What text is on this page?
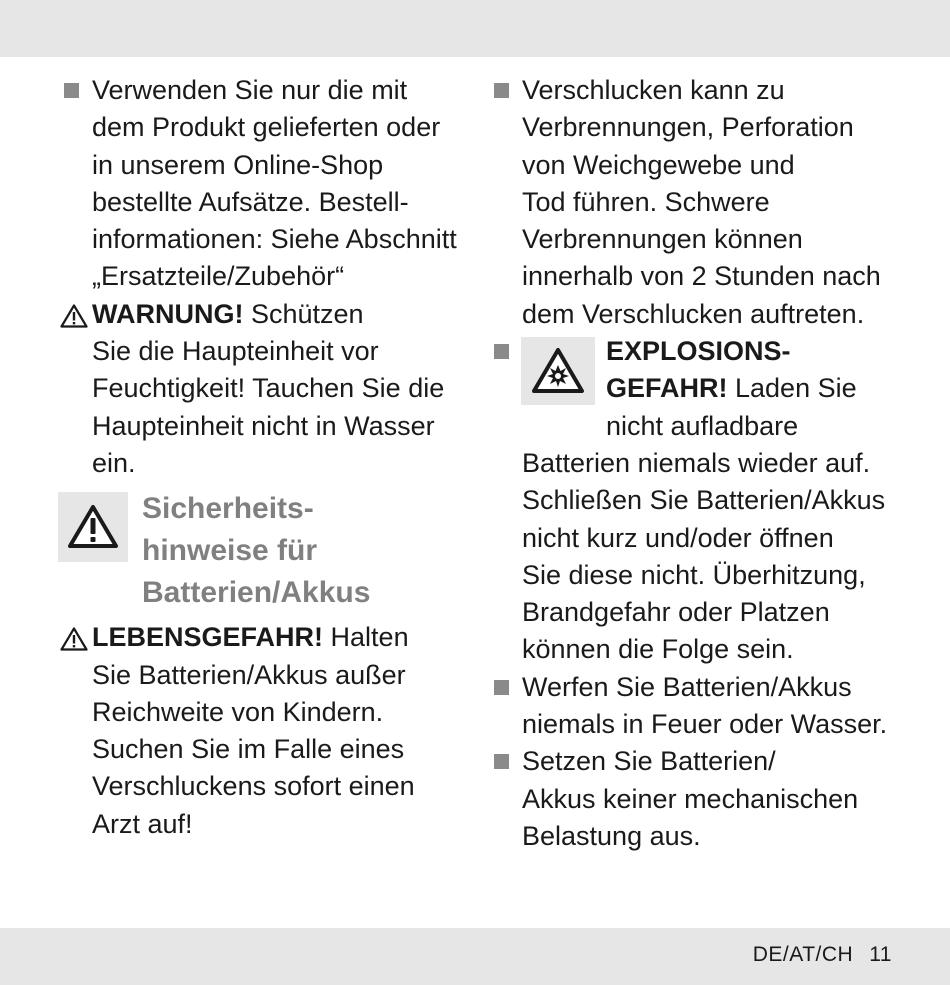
Verwenden Sie nur die mit
dem Produkt gelieferten oder
in unserem Online-Shop
bestellte Aufsätze. Bestell-
informationen: Siehe Abschnitt
„Ersatzteile/Zubehör“
WARNUNG! Schützen
Sie die Haupteinheit vor
Feuchtigkeit! Tauchen Sie die
Haupteinheit nicht in Wasser
ein.
Sicherheits-
hinweise für
Batterien/Akkus
LEBENSGEFAHR! Halten
Sie Batterien/Akkus außer
Reichweite von Kindern.
Suchen Sie im Falle eines
Verschluckens sofort einen
Arzt auf!
Verschlucken kann zu
Verbrennungen, Perforation
von Weichgewebe und
Tod führen. Schwere
Verbrennungen können
innerhalb von 2 Stunden nach
dem Verschlucken auftreten.
EXPLOSIONS-
GEFAHR! Laden Sie
nicht aufladbare
Batterien niemals wieder auf.
Schließen Sie Batterien/Akkus
nicht kurz und/oder öffnen
Sie diese nicht. Überhitzung,
Brandgefahr oder Platzen
können die Folge sein.
Werfen Sie Batterien/Akkus
niemals in Feuer oder Wasser.
Setzen Sie Batterien/
Akkus keiner mechanischen
Belastung aus.
DE/AT/CH 11
